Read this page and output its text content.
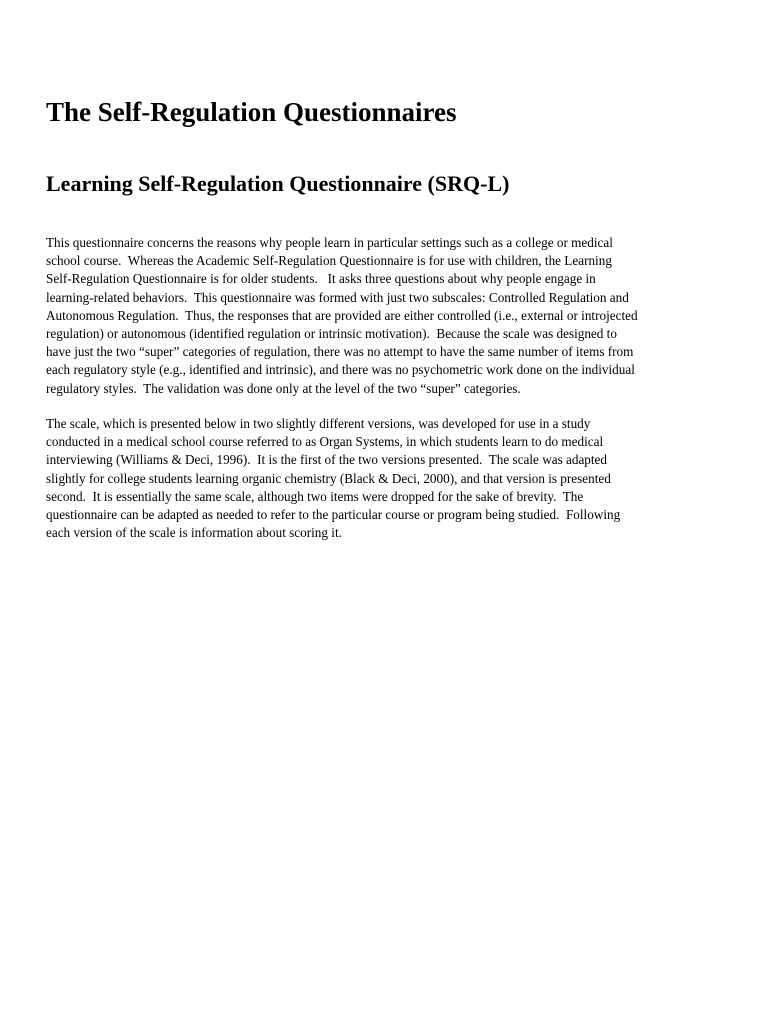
The Self-Regulation Questionnaires
Learning Self-Regulation Questionnaire (SRQ-L)
This questionnaire concerns the reasons why people learn in particular settings such as a college or medical
school course.  Whereas the Academic Self-Regulation Questionnaire is for use with children, the Learning
Self-Regulation Questionnaire is for older students.   It asks three questions about why people engage in
learning-related behaviors.  This questionnaire was formed with just two subscales: Controlled Regulation and
Autonomous Regulation.  Thus, the responses that are provided are either controlled (i.e., external or introjected
regulation) or autonomous (identified regulation or intrinsic motivation).  Because the scale was designed to
have just the two “super” categories of regulation, there was no attempt to have the same number of items from
each regulatory style (e.g., identified and intrinsic), and there was no psychometric work done on the individual
regulatory styles.  The validation was done only at the level of the two “super” categories.
The scale, which is presented below in two slightly different versions, was developed for use in a study
conducted in a medical school course referred to as Organ Systems, in which students learn to do medical
interviewing (Williams & Deci, 1996).  It is the first of the two versions presented.  The scale was adapted
slightly for college students learning organic chemistry (Black & Deci, 2000), and that version is presented
second.  It is essentially the same scale, although two items were dropped for the sake of brevity.  The
questionnaire can be adapted as needed to refer to the particular course or program being studied.  Following
each version of the scale is information about scoring it.
